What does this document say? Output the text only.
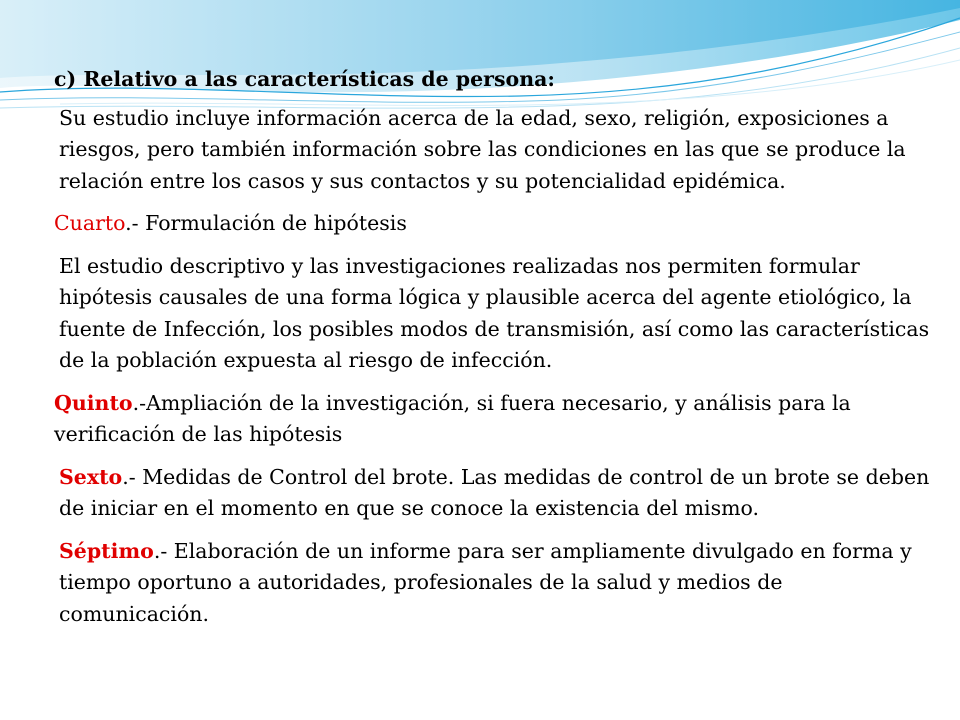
c) Relativo a las características de persona:
Su estudio incluye información acerca de la edad, sexo, religión, exposiciones a riesgos, pero también información sobre las condiciones en las que se produce la relación entre los casos y sus contactos y su potencialidad epidémica.
Cuarto.- Formulación de hipótesis
El estudio descriptivo y las investigaciones realizadas nos permiten formular hipótesis causales de una forma lógica y plausible acerca del agente etiológico, la fuente de Infección, los posibles modos de transmisión, así como las características de la población expuesta al riesgo de infección.
Quinto.-Ampliación de la investigación, si fuera necesario, y análisis para la verificación de las hipótesis
Sexto.- Medidas de Control del brote. Las medidas de control de un brote se deben de iniciar en el momento en que se conoce la existencia del mismo.
Séptimo.- Elaboración de un informe para ser ampliamente divulgado en forma y tiempo oportuno a autoridades, profesionales de la salud y medios de comunicación.
